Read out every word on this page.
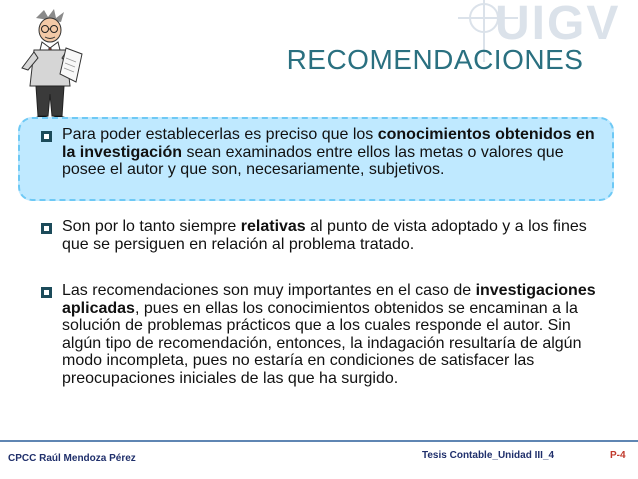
UIGV
RECOMENDACIONES
Para poder establecerlas es preciso que los conocimientos obtenidos en la investigación sean examinados entre ellos las metas o valores que posee el autor y que son, necesariamente, subjetivos.
Son por lo tanto siempre relativas al punto de vista adoptado y a los fines que se persiguen en relación al problema tratado.
Las recomendaciones son muy importantes en el caso de investigaciones aplicadas, pues en ellas los conocimientos obtenidos se encaminan a la solución de problemas prácticos que a los cuales responde el autor. Sin algún tipo de recomendación, entonces, la indagación resultaría de algún modo incompleta, pues no estaría en condiciones de satisfacer las preocupaciones iniciales de las que ha surgido.
CPCC Raúl Mendoza Pérez	Tesis Contable_Unidad III_4	P-4
